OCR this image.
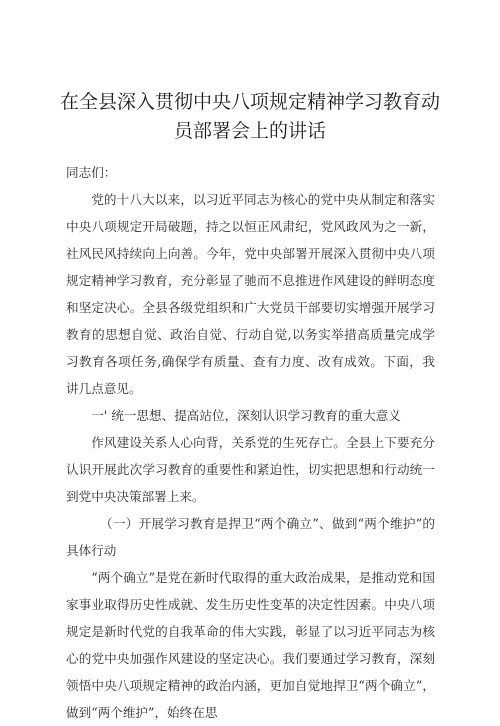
在全县深入贯彻中央八项规定精神学习教育动员部署会上的讲话

同志们：

党的十八大以来，以习近平同志为核心的党中央从制定和落实中央八项规定开局破题，持之以恒正风肃纪，党风政风为之一新，社风民风持续向上向善。今年，党中央部署开展深入贯彻中央八项规定精神学习教育，充分彰显了驰而不息推进作风建设的鲜明态度和坚定决心。全县各级党组织和广大党员干部要切实增强开展学习教育的思想自觉、政治自觉、行动自觉,以务实举措高质量完成学习教育各项任务,确保学有质量、查有力度、改有成效。下面，我讲几点意见。

一' 统一思想、提高站位，深刻认识学习教育的重大意义

作风建设关系人心向背，关系党的生死存亡。全县上下要充分认识开展此次学习教育的重要性和紧迫性，切实把思想和行动统一到党中央决策部署上来。

（一）开展学习教育是捍卫“两个确立”、做到“两个维护”的具体行动

“两个确立”是党在新时代取得的重大政治成果，是推动党和国家事业取得历史性成就、发生历史性变革的决定性因素。中央八项规定是新时代党的自我革命的伟大实践，彰显了以习近平同志为核心的党中央加强作风建设的坚定决心。我们要通过学习教育，深刻领悟中央八项规定精神的政治内涵，更加自觉地捍卫“两个确立”，做到“两个维护”，始终在思
